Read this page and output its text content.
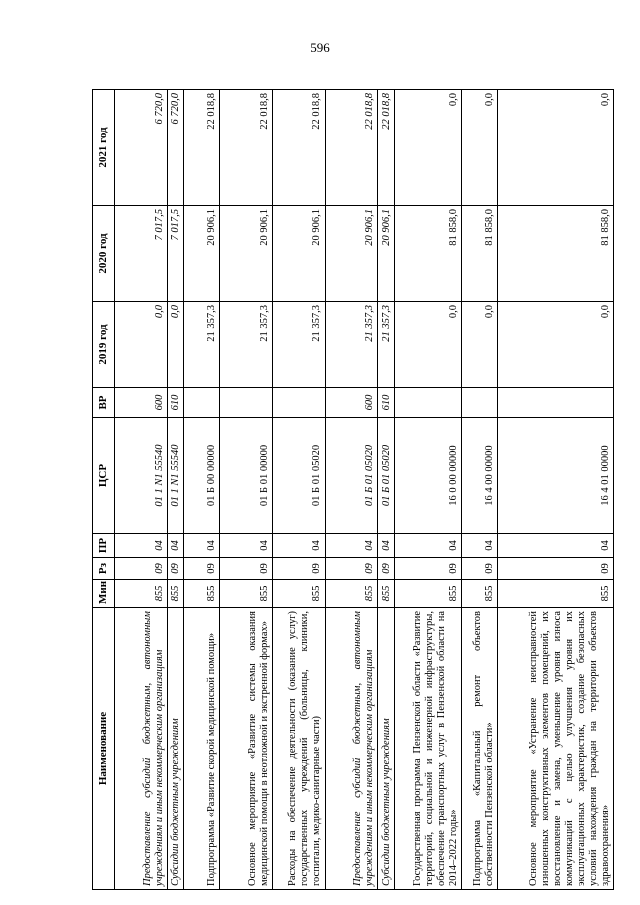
596
Наименование	Мин	Рз	ПР	ЦСР	ВР	2019 год	2020 год	2021 год
Предоставление субсидий бюджетным, автономным учреждениям и иным некоммерческим организациям	855	09	04	01 1 N1 55540	600	0,0	7 017,5	6 720,0
Субсидии бюджетным учреждениям	855	09	04	01 1 N1 55540	610	0,0	7 017,5	6 720,0
Подпрограмма «Развитие скорой медицинской помощи»	855	09	04	01 Б 00 00000		21 357,3	20 906,1	22 018,8
Основное мероприятие «Развитие системы оказания медицинской помощи в неотложной и экстренной формах»	855	09	04	01 Б 01 00000		21 357,3	20 906,1	22 018,8
Расходы на обеспечение деятельности (оказание услуг) государственных учреждений (больницы, клиники, госпитали, медико-санитарные части)	855	09	04	01 Б 01 05020		21 357,3	20 906,1	22 018,8
Предоставление субсидий бюджетным, автономным учреждениям и иным некоммерческим организациям	855	09	04	01 Б 01 05020	600	21 357,3	20 906,1	22 018,8
Субсидии бюджетным учреждениям	855	09	04	01 Б 01 05020	610	21 357,3	20 906,1	22 018,8
Государственная программа Пензенской области «Развитие территорий, социальной и инженерной инфраструктуры, обеспечение транспортных услуг в Пензенской области на 2014–2022 годы»	855	09	04	16 0 00 00000		0,0	81 858,0	0,0
Подпрограмма «Капитальный ремонт объектов собственности Пензенской области»	855	09	04	16 4 00 00000		0,0	81 858,0	0,0
Основное мероприятие «Устранение неисправностей изношенных конструктивных элементов помещений, их восстановление и замена, уменьшение уровня износа коммуникаций с целью улучшения уровня их эксплуатационных характеристик, создание безопасных условий нахождения граждан на территории объектов здравоохранения»	855	09	04	16 4 01 00000		0,0	81 858,0	0,0
